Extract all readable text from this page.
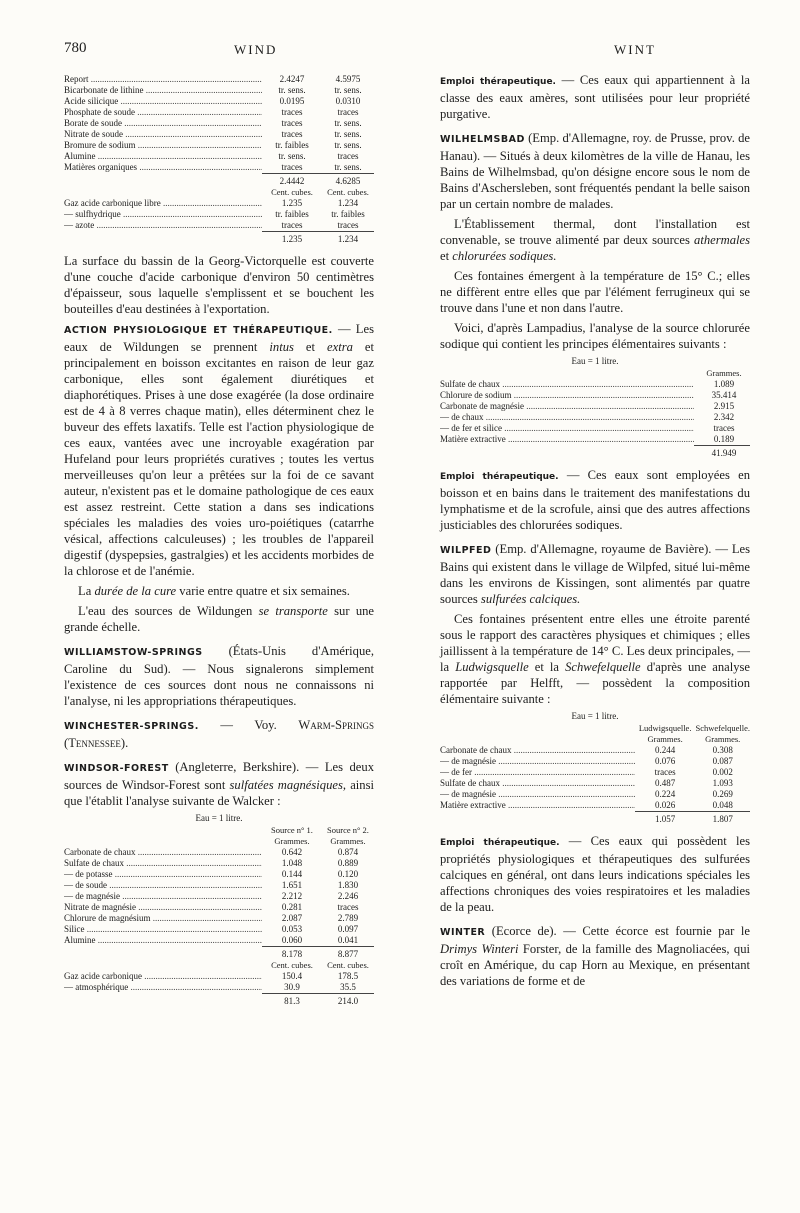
780	WIND	WINT
Report .....	2.4247	4.5975
Bicarbonate de lithine .....	tr. sens.	tr. sens.
Acide silicique .....	0.0195	0.0310
Phosphate de soude .....	traces	traces
Borate de soude .....	traces	tr. sens.
Nitrate de soude .....	traces	tr. sens.
Bromure de sodium .....	tr. faibles	tr. sens.
Alumine .....	tr. sens.	traces
Matières organiques .....	traces	tr. sens.
	2.4442	4.6285
	Cent. cubes.	Cent. cubes.
Gaz acide carbonique libre .....	1.235	1.234
— sulfhydrique .....	tr. faibles	tr. faibles
— azote .....	traces	traces
	1.235	1.234

La surface du bassin de la Georg-Victorquelle est couverte d'une couche d'acide carbonique d'environ 50 centimètres d'épaisseur, sous laquelle s'emplissent et se bouchent les bouteilles d'eau destinées à l'exportation.

ACTION PHYSIOLOGIQUE ET THÉRAPEUTIQUE. — Les eaux de Wildungen se prennent intus et extra et principalement en boisson excitantes en raison de leur gaz carbonique, elles sont également diurétiques et diaphorétiques. Prises à une dose exagérée (la dose ordinaire est de 4 à 8 verres chaque matin), elles déterminent chez le buveur des effets laxatifs. Telle est l'action physiologique de ces eaux, vantées avec une incroyable exagération par Hufeland pour leurs propriétés curatives ; toutes les vertus merveilleuses qu'on leur a prêtées sur la foi de ce savant auteur, n'existent pas et le domaine pathologique de ces eaux est assez restreint. Cette station a dans ses indications spéciales les maladies des voies uro-poiétiques (catarrhe vésical, affections calculeuses) ; les troubles de l'appareil digestif (dyspepsies, gastralgies) et les accidents morbides de la chlorose et de l'anémie.

La durée de la cure varie entre quatre et six semaines.

L'eau des sources de Wildungen se transporte sur une grande échelle.

WILLIAMSTOW-SPRINGS (États-Unis d'Amérique, Caroline du Sud). — Nous signalerons simplement l'existence de ces sources dont nous ne connaissons ni l'analyse, ni les appropriations thérapeutiques.

WINCHESTER-SPRINGS. — Voy. Warm-Springs (Tennessee).

WINDSOR-FOREST (Angleterre, Berkshire). — Les deux sources de Windsor-Forest sont sulfatées magnésiques, ainsi que l'établit l'analyse suivante de Walcker :

Eau = 1 litre.
	Source n° 1.	Source n° 2.
	Grammes.	Grammes.
Carbonate de chaux .....	0.642	0.874
Sulfate de chaux .....	1.048	0.889
— de potasse .....	0.144	0.120
— de soude .....	1.651	1.830
— de magnésie .....	2.212	2.246
Nitrate de magnésie .....	0.281	traces
Chlorure de magnésium .....	2.087	2.789
Silice .....	0.053	0.097
Alumine .....	0.060	0.041
	8.178	8.877
	Cent. cubes.	Cent. cubes.
Gaz acide carbonique .....	150.4	178.5
— atmosphérique .....	30.9	35.5
	81.3	214.0

Emploi thérapeutique. — Ces eaux qui appartiennent à la classe des eaux amères, sont utilisées pour leur propriété purgative.

WILHELMSBAD (Emp. d'Allemagne, roy. de Prusse, prov. de Hanau). — Situés à deux kilomètres de la ville de Hanau, les Bains de Wilhelmsbad, qu'on désigne encore sous le nom de Bains d'Aschersleben, sont fréquentés pendant la belle saison par un certain nombre de malades.

L'Établissement thermal, dont l'installation est convenable, se trouve alimenté par deux sources athermales et chlorurées sodiques.

Ces fontaines émergent à la température de 15° C.; elles ne diffèrent entre elles que par l'élément ferrugineux qui se trouve dans l'une et non dans l'autre.

Voici, d'après Lampadius, l'analyse de la source chlorurée sodique qui contient les principes élémentaires suivants :

Eau = 1 litre.
	Grammes.
Sulfate de chaux .....	1.089
Chlorure de sodium .....	35.414
Carbonate de magnésie .....	2.915
— de chaux .....	2.342
— de fer et silice .....	traces
Matière extractive .....	0.189
	41.949

Emploi thérapeutique. — Ces eaux sont employées en boisson et en bains dans le traitement des manifestations du lymphatisme et de la scrofule, ainsi que des autres affections justiciables des chlorurées sodiques.

WILPFED (Emp. d'Allemagne, royaume de Bavière). — Les Bains qui existent dans le village de Wilpfed, situé lui-même dans les environs de Kissingen, sont alimentés par quatre sources sulfurées calciques.

Ces fontaines présentent entre elles une étroite parenté sous le rapport des caractères physiques et chimiques ; elles jaillissent à la température de 14° C. Les deux principales, — la Ludwigsquelle et la Schwefelquelle d'après une analyse rapportée par Helfft, — possèdent la composition élémentaire suivante :

Eau = 1 litre.
	Ludwigsquelle.	Schwefelquelle.
	Grammes.	Grammes.
Carbonate de chaux .....	0.244	0.308
— de magnésie .....	0.076	0.087
— de fer .....	traces	0.002
Sulfate de chaux .....	0.487	1.093
— de magnésie .....	0.224	0.269
Matière extractive .....	0.026	0.048
	1.057	1.807

Emploi thérapeutique. — Ces eaux qui possèdent les propriétés physiologiques et thérapeutiques des sulfurées calciques en général, ont dans leurs indications spéciales les affections chroniques des voies respiratoires et les maladies de la peau.

WINTER (Ecorce de). — Cette écorce est fournie par le Drimys Winteri Forster, de la famille des Magnoliacées, qui croît en Amérique, du cap Horn au Mexique, en présentant des variations de forme et de
